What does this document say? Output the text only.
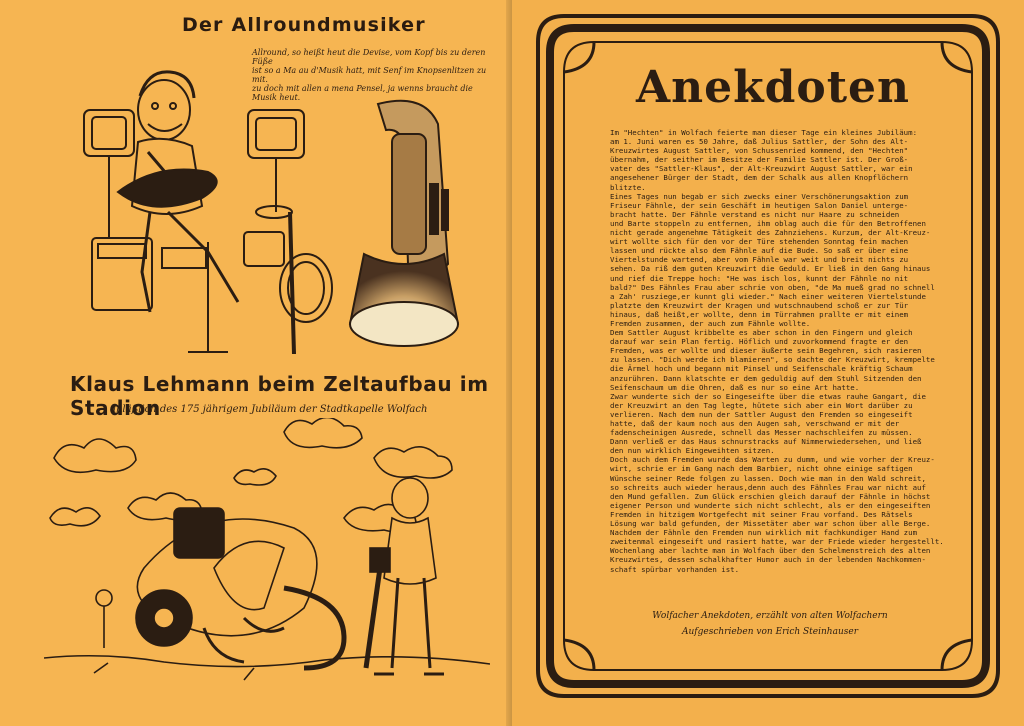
Der Allroundmusiker
Allround, so heißt heut die Devise, vom Kopf bis zu deren Füße
ist so a Ma au d'Musik hatt, mit Senf im Knopsenlitzen zu mit.
zu doch mit allen a mena Pensel, ja wenns braucht die Musik heut.
Klaus Lehmann beim Zeltaufbau im Stadion
anläßlich des 175 jährigem Jubiläum der Stadtkapelle Wolfach
Anekdoten
Im "Hechten" in Wolfach feierte man dieser Tage ein kleines Jubiläum:
am 1. Juni waren es 50 Jahre, daß Julius Sattler, der Sohn des Alt-
Kreuzwirtes August Sattler, von Schussenried kommend, den "Hechten"
übernahm, der seither im Besitze der Familie Sattler ist. Der Groß-
vater des "Sattler-Klaus", der Alt-Kreuzwirt August Sattler, war ein
angesehener Bürger der Stadt, dem der Schalk aus allen Knopflöchern
blitzte.
Eines Tages nun begab er sich zwecks einer Verschönerungsaktion zum
Friseur Fähnle, der sein Geschäft im heutigen Salon Daniel unterge-
bracht hatte. Der Fähnle verstand es nicht nur Haare zu schneiden
und Barte stoppeln zu entfernen, ihm oblag auch die für den Betroffenen
nicht gerade angenehme Tätigkeit des Zahnziehens. Kurzum, der Alt-Kreuz-
wirt wollte sich für den vor der Türe stehenden Sonntag fein machen
lassen und rückte also dem Fähnle auf die Bude. So saß er über eine
Viertelstunde wartend, aber vom Fähnle war weit und breit nichts zu
sehen. Da riß dem guten Kreuzwirt die Geduld. Er ließ in den Gang hinaus
und rief die Treppe hoch: "He was isch los, kunnt der Fähnle no nit
bald?" Des Fähnles Frau aber schrie von oben, "de Ma mueß grad no schnell
a Zah' rusziege,er kunnt gli wieder." Nach einer weiteren Viertelstunde
platzte dem Kreuzwirt der Kragen und wutschnaubend schoß er zur Tür
hinaus, daß heißt,er wollte, denn im Türrahmen prallte er mit einem
Fremden zusammen, der auch zum Fähnle wollte.
Dem Sattler August kribbelte es aber schon in den Fingern und gleich
darauf war sein Plan fertig. Höflich und zuvorkommend fragte er den
Fremden, was er wollte und dieser äußerte sein Begehren, sich rasieren
zu lassen. "Dich werde ich blamieren", so dachte der Kreuzwirt, krempelte
die Ärmel hoch und begann mit Pinsel und Seifenschale kräftig Schaum
anzurühren. Dann klatschte er dem geduldig auf dem Stuhl Sitzenden den
Seifenschaum um die Ohren, daß es nur so eine Art hatte.
Zwar wunderte sich der so Eingeseifte über die etwas rauhe Gangart, die
der Kreuzwirt an den Tag legte, hütete sich aber ein Wort darüber zu
verlieren. Nach dem nun der Sattler August den Fremden so eingeseift
hatte, daß der kaum noch aus den Augen sah, verschwand er mit der
fadenscheinigen Ausrede, schnell das Messer nachschleifen zu müssen.
Dann verließ er das Haus schnurstracks auf Nimmerwiedersehen, und ließ
den nun wirklich Eingeweihten sitzen.
Doch auch dem Fremden wurde das Warten zu dumm, und wie vorher der Kreuz-
wirt, schrie er im Gang nach dem Barbier, nicht ohne einige saftigen
Wünsche seiner Rede folgen zu lassen. Doch wie man in den Wald schreit,
so schreits auch wieder heraus,denn auch des Fähnles Frau war nicht auf
den Mund gefallen. Zum Glück erschien gleich darauf der Fähnle in höchst
eigener Person und wunderte sich nicht schlecht, als er den eingeseiften
Fremden in hitzigem Wortgefecht mit seiner Frau vorfand. Des Rätsels
Lösung war bald gefunden, der Missetäter aber war schon über alle Berge.
Nachdem der Fähnle den Fremden nun wirklich mit fachkundiger Hand zum
zweitenmal eingeseift und rasiert hatte, war der Friede wieder hergestellt.
Wochenlang aber lachte man in Wolfach über den Schelmenstreich des alten
Kreuzwirtes, dessen schalkhafter Humor auch in der lebenden Nachkommen-
schaft spürbar vorhanden ist.
Wolfacher Anekdoten, erzählt von alten Wolfachern
Aufgeschrieben von Erich Steinhauser
